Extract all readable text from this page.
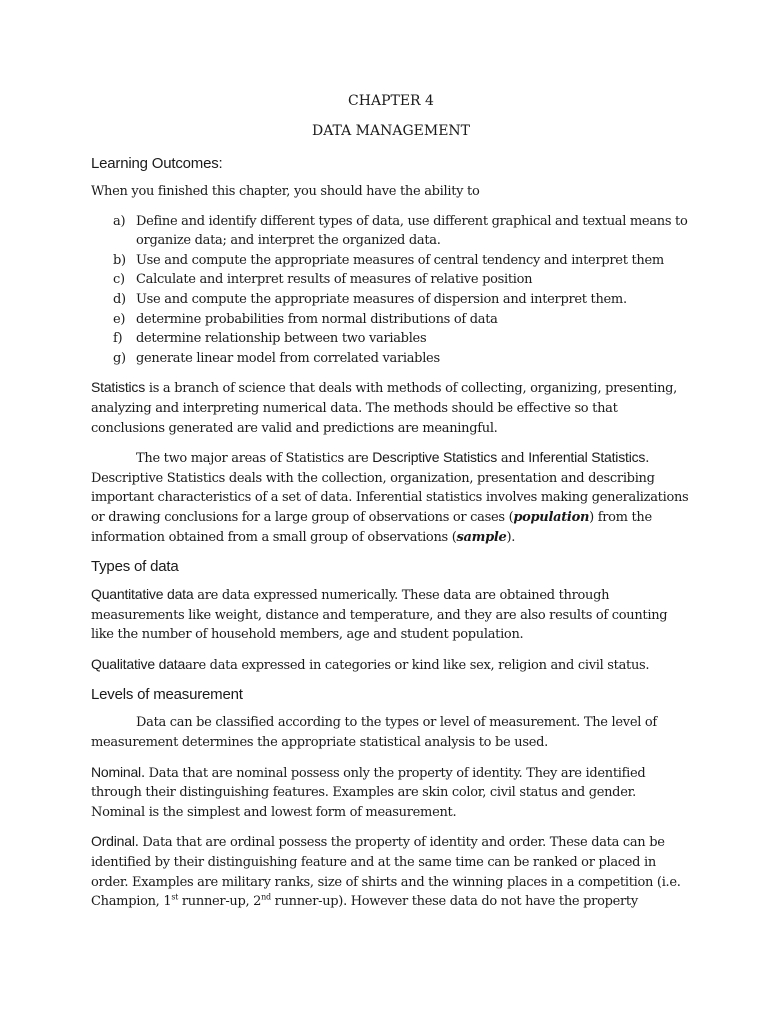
CHAPTER 4
DATA MANAGEMENT
Learning Outcomes:

When you finished this chapter, you should have the ability to

a) Define and identify different types of data, use different graphical and textual means to organize data; and interpret the organized data.
b) Use and compute the appropriate measures of central tendency and interpret them
c) Calculate and interpret results of measures of relative position
d) Use and compute the appropriate measures of dispersion and interpret them.
e) determine probabilities from normal distributions of data
f) determine relationship between two variables
g) generate linear model from correlated variables

Statistics is a branch of science that deals with methods of collecting, organizing, presenting, analyzing and interpreting numerical data. The methods should be effective so that conclusions generated are valid and predictions are meaningful.

The two major areas of Statistics are Descriptive Statistics and Inferential Statistics. Descriptive Statistics deals with the collection, organization, presentation and describing important characteristics of a set of data. Inferential statistics involves making generalizations or drawing conclusions for a large group of observations or cases (population) from the information obtained from a small group of observations (sample).

Types of data

Quantitative data are data expressed numerically. These data are obtained through measurements like weight, distance and temperature, and they are also results of counting like the number of household members, age and student population.

Qualitative dataare data expressed in categories or kind like sex, religion and civil status.

Levels of measurement

Data can be classified according to the types or level of measurement. The level of measurement determines the appropriate statistical analysis to be used.

Nominal. Data that are nominal possess only the property of identity. They are identified through their distinguishing features. Examples are skin color, civil status and gender. Nominal is the simplest and lowest form of measurement.

Ordinal. Data that are ordinal possess the property of identity and order. These data can be identified by their distinguishing feature and at the same time can be ranked or placed in order. Examples are military ranks, size of shirts and the winning places in a competition (i.e. Champion, 1st runner-up, 2nd runner-up). However these data do not have the property
